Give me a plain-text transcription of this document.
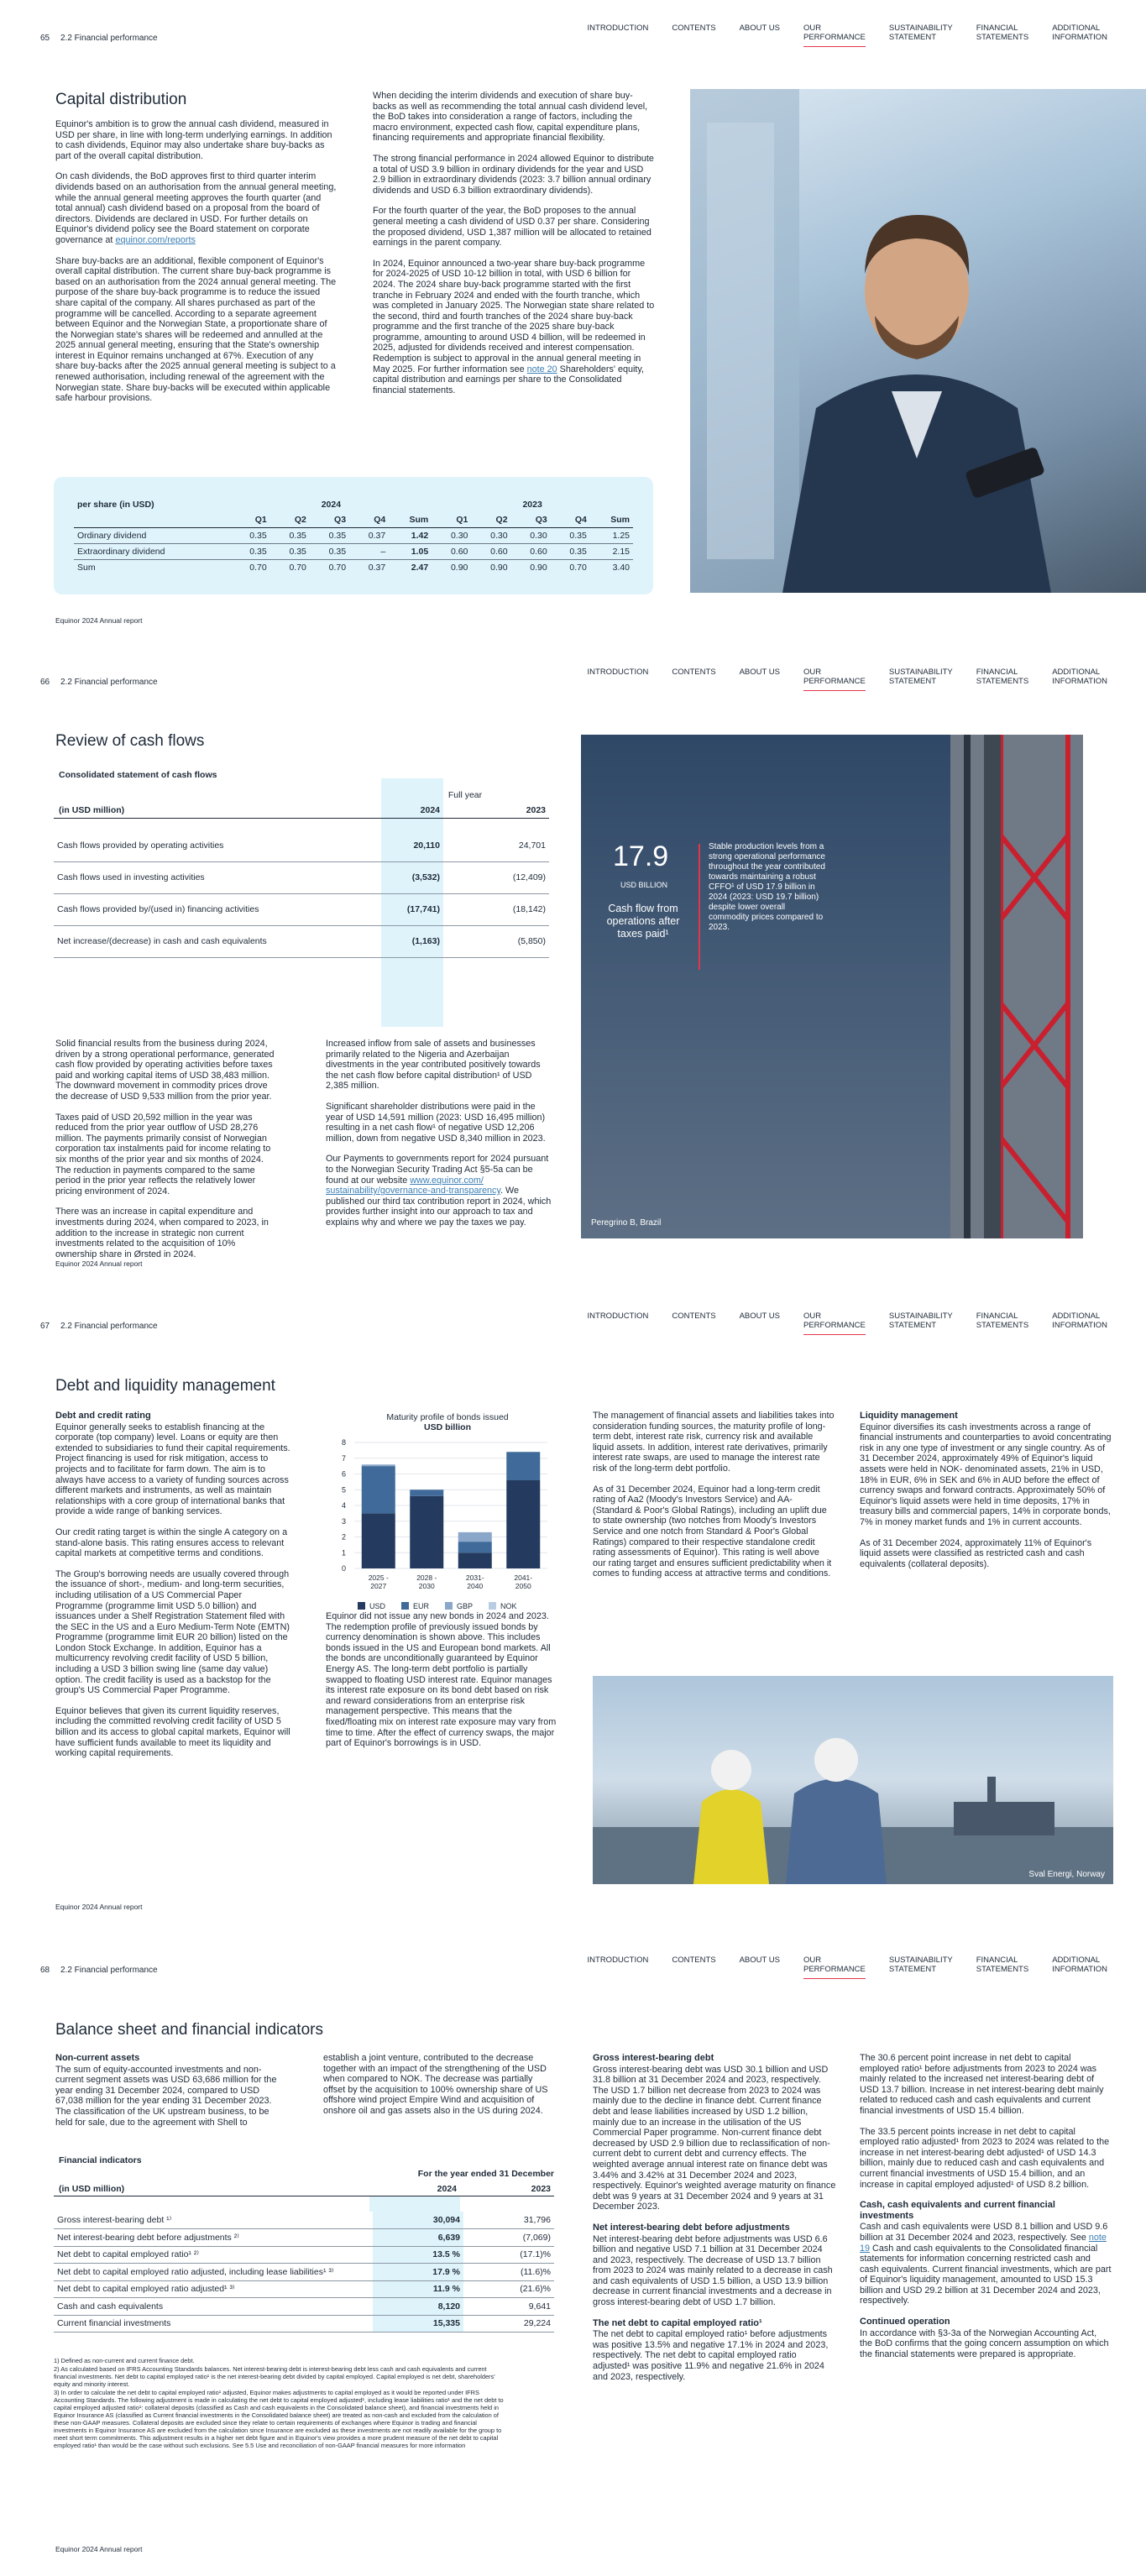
65 2.2 Financial performance
INTRODUCTION	CONTENTS	ABOUT US	OUR
PERFORMANCE
SUSTAINABILITY
STATEMENT
FINANCIAL
STATEMENTS
ADDITIONAL
INFORMATION
Capital distribution

Equinor's ambition is to grow the annual cash dividend, measured in USD per share, in line with long-term underlying earnings. In addition to cash dividends, Equinor may also undertake share buy-backs as part of the overall capital distribution.

On cash dividends, the BoD approves first to third quarter interim dividends based on an authorisation from the annual general meeting, while the annual general meeting approves the fourth quarter (and total annual) cash dividend based on a proposal from the board of directors. Dividends are declared in USD. For further details on Equinor's dividend policy see the Board statement on corporate governance at equinor.com/reports

Share buy-backs are an additional, flexible component of Equinor's overall capital distribution. The current share buy-back programme is based on an authorisation from the 2024 annual general meeting. The purpose of the share buy-back programme is to reduce the issued share capital of the company. All shares purchased as part of the programme will be cancelled. According to a separate agreement between Equinor and the Norwegian State, a proportionate share of the Norwegian state's shares will be redeemed and annulled at the 2025 annual general meeting, ensuring that the State's ownership interest in Equinor remains unchanged at 67%. Execution of any share buy-backs after the 2025 annual general meeting is subject to a renewed authorisation, including renewal of the agreement with the Norwegian state. Share buy-backs will be executed within applicable safe harbour provisions.

When deciding the interim dividends and execution of share buy-backs as well as recommending the total annual cash dividend level, the BoD takes into consideration a range of factors, including the macro environment, expected cash flow, capital expenditure plans, financing requirements and appropriate financial flexibility.

The strong financial performance in 2024 allowed Equinor to distribute a total of USD 3.9 billion in ordinary dividends for the year and USD 2.9 billion in extraordinary dividends (2023: 3.7 billion annual ordinary dividends and USD 6.3 billion extraordinary dividends).

For the fourth quarter of the year, the BoD proposes to the annual general meeting a cash dividend of USD 0.37 per share. Considering the proposed dividend, USD 1,387 million will be allocated to retained earnings in the parent company.

In 2024, Equinor announced a two-year share buy-back programme for 2024-2025 of USD 10-12 billion in total, with USD 6 billion for 2024. The 2024 share buy-back programme started with the first tranche in February 2024 and ended with the fourth tranche, which was completed in January 2025. The Norwegian state share related to the second, third and fourth tranches of the 2024 share buy-back programme and the first tranche of the 2025 share buy-back programme, amounting to around USD 4 billion, will be redeemed in 2025, adjusted for dividends received and interest compensation. Redemption is subject to approval in the annual general meeting in May 2025. For further information see note 20 Shareholders' equity, capital distribution and earnings per share to the Consolidated financial statements.

per share (in USD)	2024					2023				
	Q1	Q2	Q3	Q4	Sum	Q1	Q2	Q3	Q4	Sum
Ordinary dividend	0.35	0.35	0.35	0.37	1.42	0.30	0.30	0.30	0.35	1.25
Extraordinary dividend	0.35	0.35	0.35	–	1.05	0.60	0.60	0.60	0.35	2.15
Sum	0.70	0.70	0.70	0.37	2.47	0.90	0.90	0.90	0.70	3.40
Equinor 2024 Annual report
66 2.2 Financial performance
INTRODUCTION	CONTENTS	ABOUT US	OUR
PERFORMANCE
SUSTAINABILITY
STATEMENT
FINANCIAL
STATEMENTS
ADDITIONAL
INFORMATION
Review of cash flows
Consolidated statement of cash flows
Full year
(in USD million)	2024	2023
Cash flows provided by operating activities	20,110		24,701
Cash flows used in investing activities	(3,532)		(12,409)
Cash flows provided by/(used in) financing activities	(17,741)		(18,142)
Net increase/(decrease) in cash and cash equivalents	(1,163)		(5,850)

Solid financial results from the business during 2024, driven by a strong operational performance, generated cash flow provided by operating activities before taxes paid and working capital items of USD 38,483 million. The downward movement in commodity prices drove the decrease of USD 9,533 million from the prior year.

Taxes paid of USD 20,592 million in the year was reduced from the prior year outflow of USD 28,276 million. The payments primarily consist of Norwegian corporation tax instalments paid for income relating to six months of the prior year and six months of 2024. The reduction in payments compared to the same period in the prior year reflects the relatively lower pricing environment of 2024.

There was an increase in capital expenditure and investments during 2024, when compared to 2023, in addition to the increase in strategic non current investments related to the acquisition of 10% ownership share in Ørsted in 2024.

Increased inflow from sale of assets and businesses primarily related to the Nigeria and Azerbaijan divestments in the year contributed positively towards the net cash flow before capital distribution¹ of USD 2,385 million.

Significant shareholder distributions were paid in the year of USD 14,591 million (2023: USD 16,495 million) resulting in a net cash flow¹ of negative USD 12,206 million, down from negative USD 8,340 million in 2023.

Our Payments to governments report for 2024 pursuant to the Norwegian Security Trading Act §5-5a can be found at our website www.equinor.com/ sustainability/governance-and-transparency. We published our third tax contribution report in 2024, which provides further insight into our approach to tax and explains why and where we pay the taxes we pay.

17.9
USD BILLION
Cash flow from operations after taxes paid¹
Stable production levels from a strong operational performance throughout the year contributed towards maintaining a robust CFFO¹ of USD 17.9 billion in 2024 (2023: USD 19.7 billion) despite lower overall commodity prices compared to 2023.
Peregrino B, Brazil
Equinor 2024 Annual report
67 2.2 Financial performance
INTRODUCTION	CONTENTS	ABOUT US	OUR
PERFORMANCE
SUSTAINABILITY
STATEMENT
FINANCIAL
STATEMENTS
ADDITIONAL
INFORMATION
Debt and liquidity management
Debt and credit rating

Equinor generally seeks to establish financing at the corporate (top company) level. Loans or equity are then extended to subsidiaries to fund their capital requirements. Project financing is used for risk mitigation, access to projects and to facilitate for farm down. The aim is to always have access to a variety of funding sources across different markets and instruments, as well as maintain relationships with a core group of international banks that provide a wide range of banking services.

Our credit rating target is within the single A category on a stand-alone basis. This rating ensures access to relevant capital markets at competitive terms and conditions.

The Group's borrowing needs are usually covered through the issuance of short-, medium- and long-term securities, including utilisation of a US Commercial Paper Programme (programme limit USD 5.0 billion) and issuances under a Shelf Registration Statement filed with the SEC in the US and a Euro Medium-Term Note (EMTN) Programme (programme limit EUR 20 billion) listed on the London Stock Exchange. In addition, Equinor has a multicurrency revolving credit facility of USD 5 billion, including a USD 3 billion swing line (same day value) option. The credit facility is used as a backstop for the group's US Commercial Paper Programme.

Equinor believes that given its current liquidity reserves, including the committed revolving credit facility of USD 5 billion and its access to global capital markets, Equinor will have sufficient funds available to meet its liquidity and working capital requirements.

Maturity profile of bonds issued
USD billion
0
1
2
3
4
5
6
7
8
2025 -
2027
2028 -
2030
2031-
2040
2041-
2050
USD	EUR	GBP	NOK

Equinor did not issue any new bonds in 2024 and 2023. The redemption profile of previously issued bonds by currency denomination is shown above. This includes bonds issued in the US and European bond markets. All the bonds are unconditionally guaranteed by Equinor Energy AS. The long-term debt portfolio is partially swapped to floating USD interest rate. Equinor manages its interest rate exposure on its bond debt based on risk and reward considerations from an enterprise risk management perspective. This means that the fixed/floating mix on interest rate exposure may vary from time to time. After the effect of currency swaps, the major part of Equinor's borrowings is in USD.

The management of financial assets and liabilities takes into consideration funding sources, the maturity profile of long-term debt, interest rate risk, currency risk and available liquid assets. In addition, interest rate derivatives, primarily interest rate swaps, are used to manage the interest rate risk of the long-term debt portfolio.

As of 31 December 2024, Equinor had a long-term credit rating of Aa2 (Moody's Investors Service) and AA- (Standard & Poor's Global Ratings), including an uplift due to state ownership (two notches from Moody's Investors Service and one notch from Standard & Poor's Global Ratings) compared to their respective standalone credit rating assessments of Equinor). This rating is well above our rating target and ensures sufficient predictability when it comes to funding access at attractive terms and conditions.

Liquidity management

Equinor diversifies its cash investments across a range of financial instruments and counterparties to avoid concentrating risk in any one type of investment or any single country. As of 31 December 2024, approximately 49% of Equinor's liquid assets were held in NOK- denominated assets, 21% in USD, 18% in EUR, 6% in SEK and 6% in AUD before the effect of currency swaps and forward contracts. Approximately 50% of Equinor's liquid assets were held in time deposits, 17% in treasury bills and commercial papers, 14% in corporate bonds, 7% in money market funds and 1% in current accounts.

As of 31 December 2024, approximately 11% of Equinor's liquid assets were classified as restricted cash and cash equivalents (collateral deposits).

Sval Energi, Norway
Equinor 2024 Annual report
68 2.2 Financial performance
INTRODUCTION	CONTENTS	ABOUT US	OUR
PERFORMANCE
SUSTAINABILITY
STATEMENT
FINANCIAL
STATEMENTS
ADDITIONAL
INFORMATION
Balance sheet and financial indicators
Non-current assets

The sum of equity-accounted investments and non-current segment assets was USD 63,686 million for the year ending 31 December 2024, compared to USD 67,038 million for the year ending 31 December 2023. The classification of the UK upstream business, to be held for sale, due to the agreement with Shell to

establish a joint venture, contributed to the decrease together with an impact of the strengthening of the USD when compared to NOK. The decrease was partially offset by the acquisition to 100% ownership share of US offshore wind project Empire Wind and acquisition of onshore oil and gas assets also in the US during 2024.

Financial indicators
For the year ended 31 December
(in USD million)	2024	2023
Gross interest-bearing debt ¹⁾	30,094	31,796
Net interest-bearing debt before adjustments ²⁾	6,639	(7,069)
Net debt to capital employed ratio¹ ²⁾	13.5 %	(17.1)%
Net debt to capital employed ratio adjusted, including lease liabilities¹ ³⁾	17.9 %	(11.6)%
Net debt to capital employed ratio adjusted¹ ³⁾	11.9 %	(21.6)%
Cash and cash equivalents	8,120	9,641
Current financial investments	15,335	29,224

1) Defined as non-current and current finance debt.

2) As calculated based on IFRS Accounting Standards balances. Net interest-bearing debt is interest-bearing debt less cash and cash equivalents and current financial investments. Net debt to capital employed ratio¹ is the net interest-bearing debt divided by capital employed. Capital employed is net debt, shareholders' equity and minority interest.

3) In order to calculate the net debt to capital employed ratio¹ adjusted, Equinor makes adjustments to capital employed as it would be reported under IFRS Accounting Standards. The following adjustment is made in calculating the net debt to capital employed adjusted¹, including lease liabilities ratio¹ and the net debt to capital employed adjusted ratio¹: collateral deposits (classified as Cash and cash equivalents in the Consolidated balance sheet), and financial investments held in Equinor Insurance AS (classified as Current financial investments in the Consolidated balance sheet) are treated as non-cash and excluded from the calculation of these non-GAAP measures. Collateral deposits are excluded since they relate to certain requirements of exchanges where Equinor is trading and financial investments in Equinor Insurance AS are excluded from the calculation since Insurance are excluded as these investments are not readily available for the group to meet short term commitments. This adjustment results in a higher net debt figure and in Equinor's view provides a more prudent measure of the net debt to capital employed ratio¹ than would be the case without such exclusions. See 5.5 Use and reconciliation of non-GAAP financial measures for more information

Gross interest-bearing debt

Gross interest-bearing debt was USD 30.1 billion and USD 31.8 billion at 31 December 2024 and 2023, respectively. The USD 1.7 billion net decrease from 2023 to 2024 was mainly due to the decline in finance debt. Current finance debt and lease liabilities increased by USD 1.2 billion, mainly due to an increase in the utilisation of the US Commercial Paper programme. Non-current finance debt decreased by USD 2.9 billion due to reclassification of non-current debt to current debt and currency effects. The weighted average annual interest rate on finance debt was 3.44% and 3.42% at 31 December 2024 and 2023, respectively. Equinor's weighted average maturity on finance debt was 9 years at 31 December 2024 and 9 years at 31 December 2023.

Net interest-bearing debt before adjustments

Net interest-bearing debt before adjustments was USD 6.6 billion and negative USD 7.1 billion at 31 December 2024 and 2023, respectively. The decrease of USD 13.7 billion from 2023 to 2024 was mainly related to a decrease in cash and cash equivalents of USD 1.5 billion, a USD 13.9 billion decrease in current financial investments and a decrease in gross interest-bearing debt of USD 1.7 billion.

The net debt to capital employed ratio¹

The net debt to capital employed ratio¹ before adjustments was positive 13.5% and negative 17.1% in 2024 and 2023, respectively. The net debt to capital employed ratio adjusted¹ was positive 11.9% and negative 21.6% in 2024 and 2023, respectively.

The 30.6 percent point increase in net debt to capital employed ratio¹ before adjustments from 2023 to 2024 was mainly related to the increased net interest-bearing debt of USD 13.7 billion. Increase in net interest-bearing debt mainly related to reduced cash and cash equivalents and current financial investments of USD 15.4 billion.

The 33.5 percent points increase in net debt to capital employed ratio adjusted¹ from 2023 to 2024 was related to the increase in net interest-bearing debt adjusted¹ of USD 14.3 billion, mainly due to reduced cash and cash equivalents and current financial investments of USD 15.4 billion, and an increase in capital employed adjusted¹ of USD 8.2 billion.

Cash, cash equivalents and current financial investments

Cash and cash equivalents were USD 8.1 billion and USD 9.6 billion at 31 December 2024 and 2023, respectively. See note 19 Cash and cash equivalents to the Consolidated financial statements for information concerning restricted cash and cash equivalents. Current financial investments, which are part of Equinor's liquidity management, amounted to USD 15.3 billion and USD 29.2 billion at 31 December 2024 and 2023, respectively.

Continued operation

In accordance with §3-3a of the Norwegian Accounting Act, the BoD confirms that the going concern assumption on which the financial statements were prepared is appropriate.

Equinor 2024 Annual report
